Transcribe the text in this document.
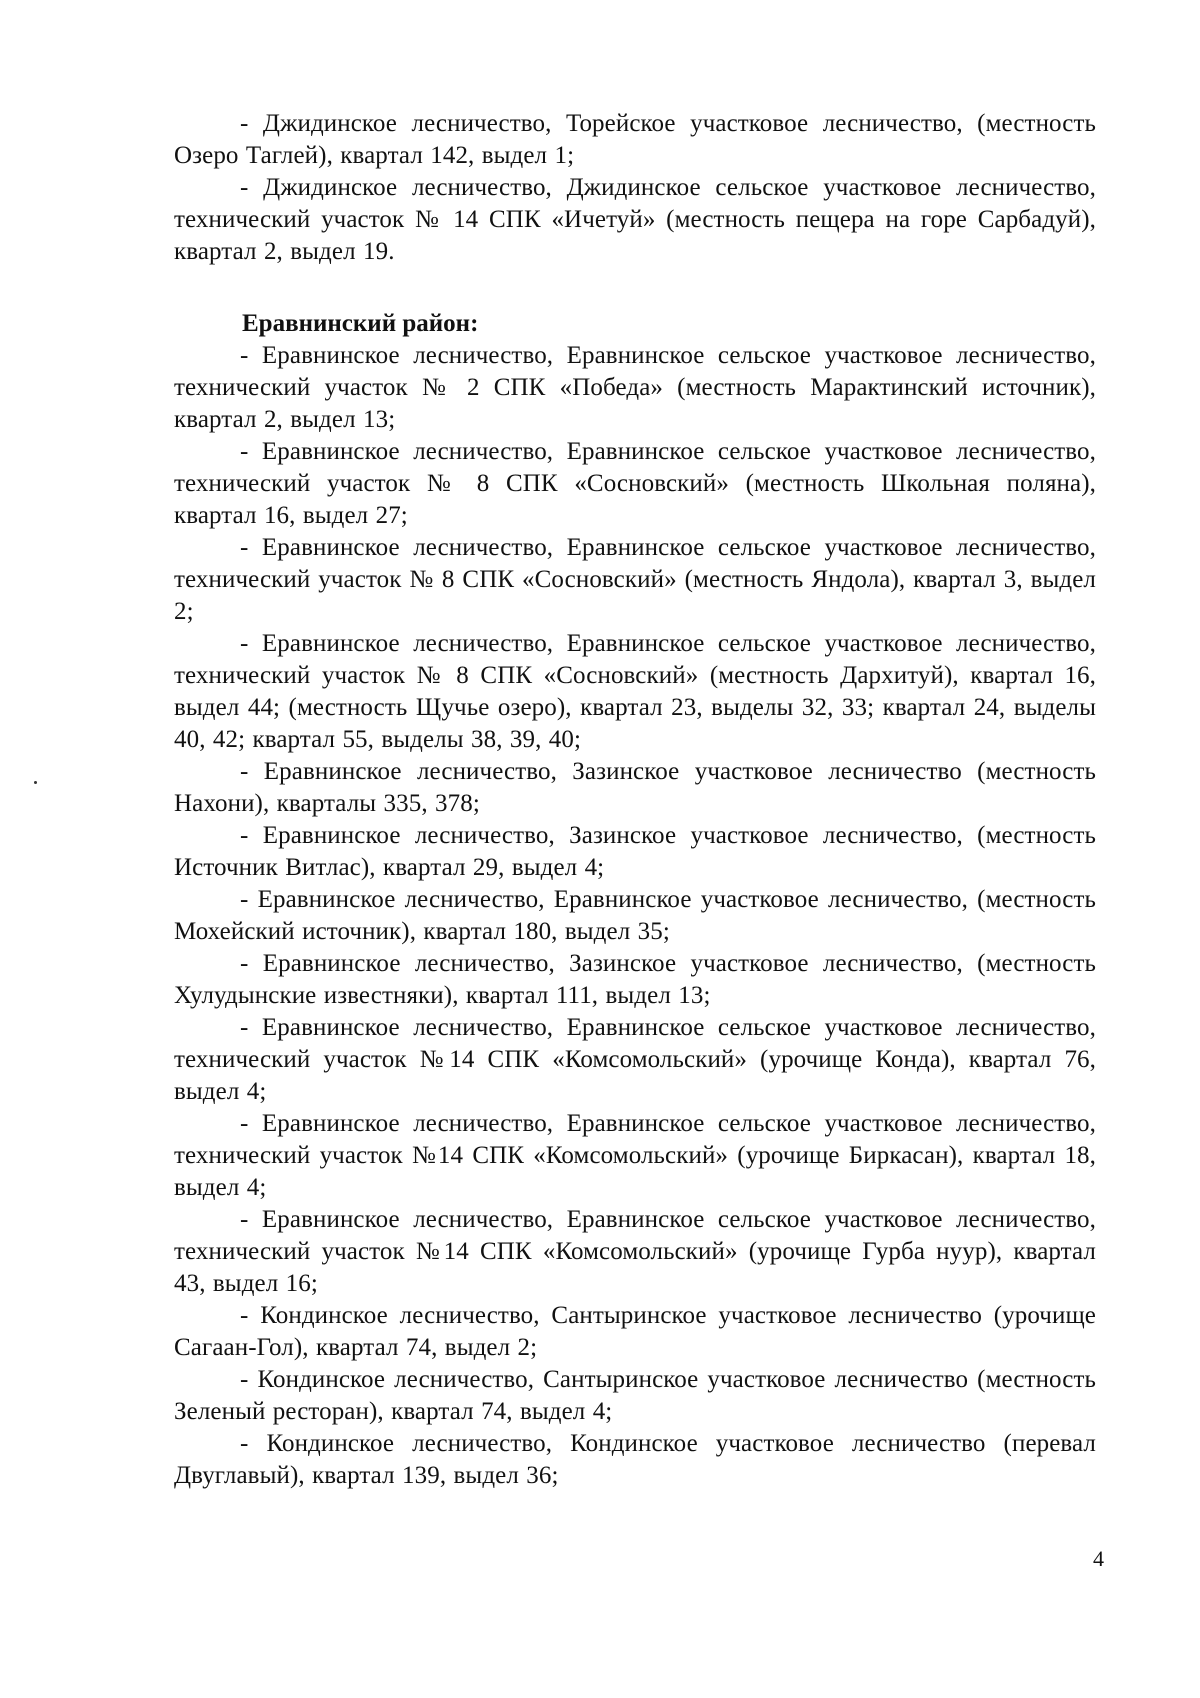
- Джидинское лесничество, Торейское участковое лесничество, (местность Озеро Таглей), квартал 142, выдел 1;

- Джидинское лесничество, Джидинское сельское участковое лесничество, технический участок № 14 СПК «Ичетуй» (местность пещера на горе Сарбадуй), квартал 2, выдел 19.

Еравнинский район:

- Еравнинское лесничество, Еравнинское сельское участковое лесничество, технический участок № 2 СПК «Победа» (местность Марактинский источник), квартал 2, выдел 13;

- Еравнинское лесничество, Еравнинское сельское участковое лесничество, технический участок № 8 СПК «Сосновский» (местность Школьная поляна), квартал 16, выдел 27;

- Еравнинское лесничество, Еравнинское сельское участковое лесничество, технический участок № 8 СПК «Сосновский» (местность Яндола), квартал 3, выдел 2;

- Еравнинское лесничество, Еравнинское сельское участковое лесничество, технический участок № 8 СПК «Сосновский» (местность Дархитуй), квартал 16, выдел 44; (местность Щучье озеро), квартал 23, выделы 32, 33; квартал 24, выделы 40, 42; квартал 55, выделы 38, 39, 40;

- Еравнинское лесничество, Зазинское участковое лесничество (местность Нахони), кварталы 335, 378;

- Еравнинское лесничество, Зазинское участковое лесничество, (местность Источник Витлас), квартал 29, выдел 4;

- Еравнинское лесничество, Еравнинское участковое лесничество, (местность Мохейский источник), квартал 180, выдел 35;

- Еравнинское лесничество, Зазинское участковое лесничество, (местность Хулудынские известняки), квартал 111, выдел 13;

- Еравнинское лесничество, Еравнинское сельское участковое лесничество, технический участок №14 СПК «Комсомольский» (урочище Конда), квартал 76, выдел 4;

- Еравнинское лесничество, Еравнинское сельское участковое лесничество, технический участок №14 СПК «Комсомольский» (урочище Биркасан), квартал 18, выдел 4;

- Еравнинское лесничество, Еравнинское сельское участковое лесничество, технический участок №14 СПК «Комсомольский» (урочище Гурба нуур), квартал 43, выдел 16;

- Кондинское лесничество, Сантыринское участковое лесничество (урочище Сагаан-Гол), квартал 74, выдел 2;

- Кондинское лесничество, Сантыринское участковое лесничество (местность Зеленый ресторан), квартал 74, выдел 4;

- Кондинское лесничество, Кондинское участковое лесничество (перевал Двуглавый), квартал 139, выдел 36;

4
